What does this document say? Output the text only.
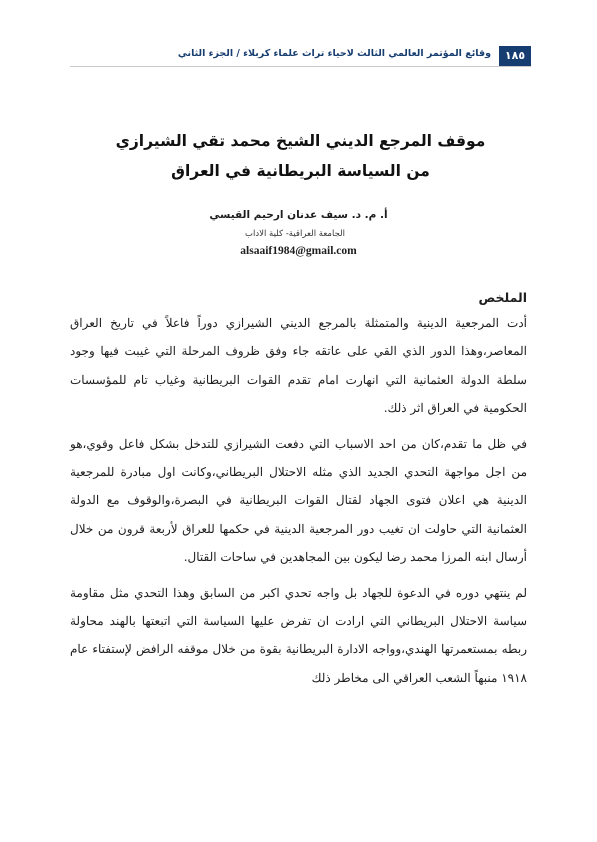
١٨٥
وقائع المؤتمر العالمي الثالث لاحياء تراث علماء كربلاء / الجزء الثاني
موقف المرجع الديني الشيخ محمد تقي الشيرازي
من السياسة البريطانية في العراق
أ. م. د. سيف عدنان ارحيم القيسي
الجامعة العراقية- كلية الاداب
alsaaif1984@gmail.com
الملخص

أدت المرجعية الدينية والمتمثلة بالمرجع الديني الشيرازي دوراً فاعلاً في تاريخ العراق المعاصر،وهذا الدور الذي القي على عاتقه جاء وفق ظروف المرحلة التي غيبت فيها وجود سلطة الدولة العثمانية التي انهارت امام تقدم القوات البريطانية وغياب تام للمؤسسات الحكومية في العراق اثر ذلك.

في ظل ما تقدم،كان من احد الاسباب التي دفعت الشيرازي للتدخل بشكل فاعل وقوي،هو من اجل مواجهة التحدي الجديد الذي مثله الاحتلال البريطاني،وكانت اول مبادرة للمرجعية الدينية هي اعلان فتوى الجهاد لقتال القوات البريطانية في البصرة،والوقوف مع الدولة العثمانية التي حاولت ان تغيب دور المرجعية الدينية في حكمها للعراق لأربعة قرون من خلال أرسال ابنه المرزا محمد رضا ليكون بين المجاهدين في ساحات القتال.

لم ينتهي دوره في الدعوة للجهاد بل واجه تحدي اكبر من السابق وهذا التحدي مثل مقاومة سياسة الاحتلال البريطاني التي ارادت ان تفرض عليها السياسة التي اتبعتها بالهند محاولة ربطه بمستعمرتها الهندي،وواجه الادارة البريطانية بقوة من خلال موقفه الرافض لإستفتاء عام ١٩١٨ منبهاً الشعب العراقي الى مخاطر ذلك
